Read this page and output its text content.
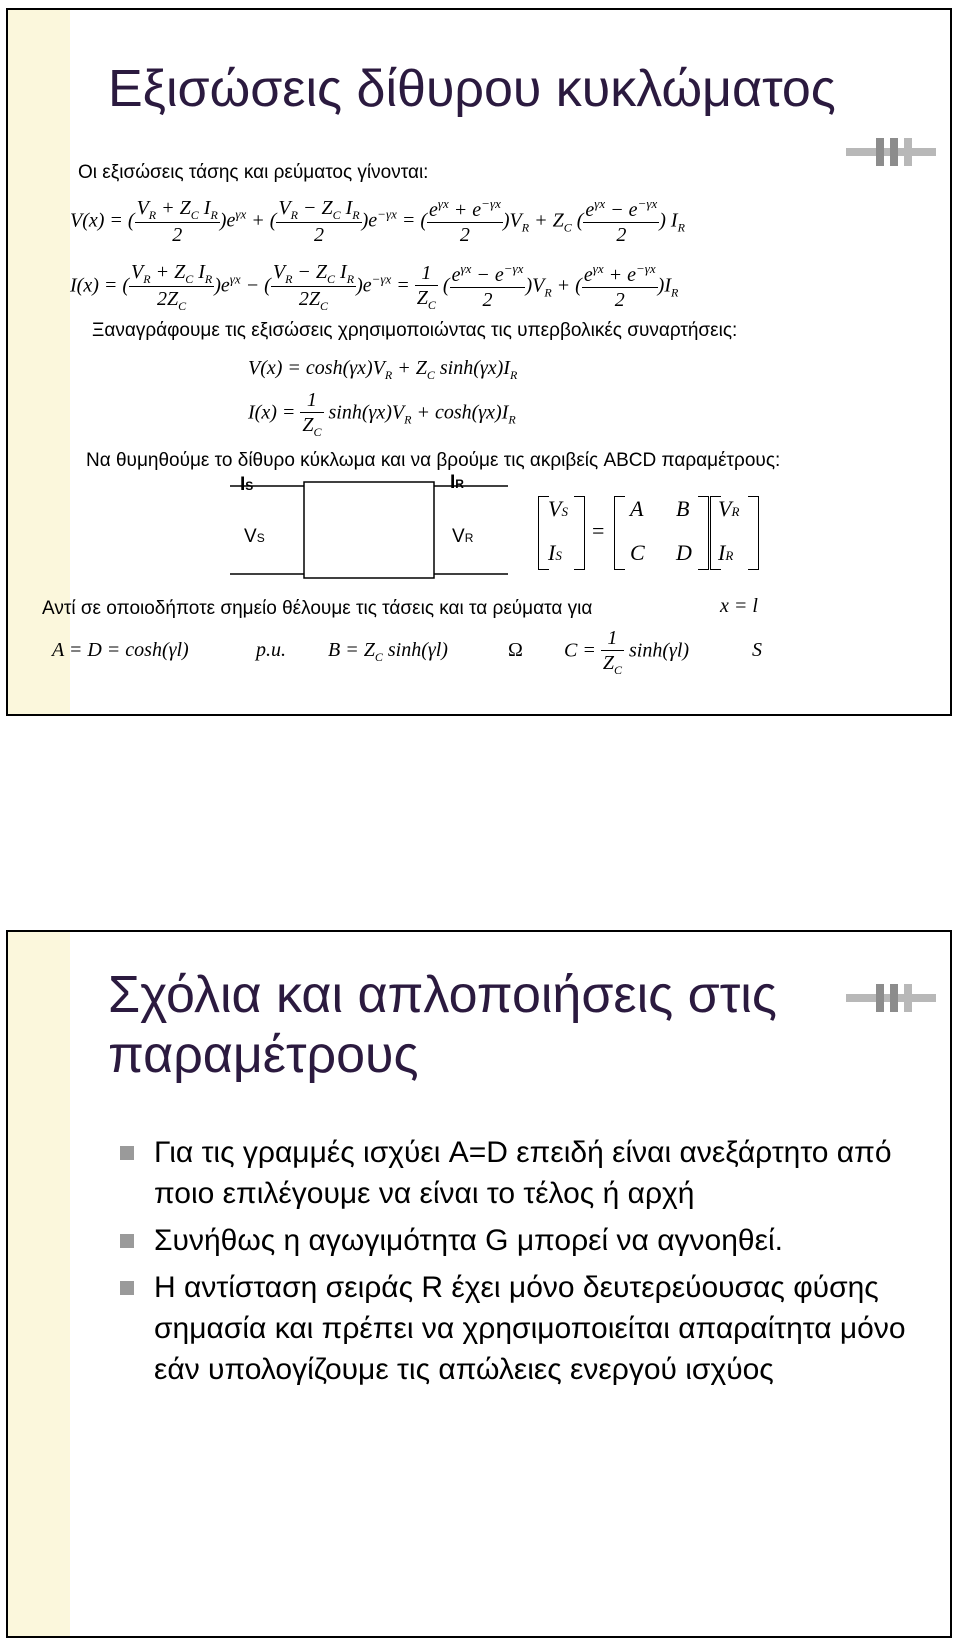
Εξισώσεις δίθυρου κυκλώματος
Οι εξισώσεις τάσης και ρεύματος γίνονται:
V(x) = ( $\frac{V_R + Z_C I_R}{2} )e^{\gamma x}$ + ( $\frac{V_R - Z_C I_R}{2} )e^{-\gamma x}$ = ( $\frac{e^{\gamma x} + e^{-\gamma x}}{2} )V_R + Z_C$ ( $\frac{e^{\gamma x} - e^{-\gamma x}}{2}$ ) $I_R$
I(x) = ( $\frac{V_R + Z_C I_R}{2Z_C} )e^{\gamma x}$ − ( $\frac{V_R - Z_C I_R}{2Z_C} )e^{-\gamma x} = \frac{1}{Z_C}$ ( $\frac{e^{\gamma x} - e^{-\gamma x}}{2} )V_R$ + ( $\frac{e^{\gamma x} + e^{-\gamma x}}{2} )I_R$
Ξαναγράφουμε τις εξισώσεις χρησιμοποιώντας τις υπερβολικές συναρτήσεις:
$V(x) = \cosh(\gamma x)V_R + Z_C$ $\sinh(\gamma x)I_R$
$I(x) = \frac{1}{Z_C} \sinh(\gamma x)V_R + \cosh(\gamma x)I_R$
Να θυμηθούμε το δίθυρο κύκλωμα και να βρούμε τις ακριβείς ABCD παραμέτρους:
IS	IR
VS	VR
VS
IS
=
A B
C D
VR
IR
Αντί σε οποιοδήποτε σημείο θέλουμε τις τάσεις και τα ρεύματα για	x = l
A = D = cosh(γl)	p.u. $B = Z_C$ sinh(γl)	Ω $C = \frac{1}{Z_C} \sinh(\gamma l)$	S
Σχόλια και απλοποιήσεις στις
παραμέτρους
Για τις γραμμές ισχύει A=D επειδή είναι ανεξάρτητο από ποιο επιλέγουμε να είναι το τέλος ή αρχή
Συνήθως η αγωγιμότητα G μπορεί να αγνοηθεί.
Η αντίσταση σειράς R έχει μόνο δευτερεύουσας φύσης σημασία και πρέπει να χρησιμοποιείται απαραίτητα μόνο εάν υπολογίζουμε τις απώλειες ενεργού ισχύος
